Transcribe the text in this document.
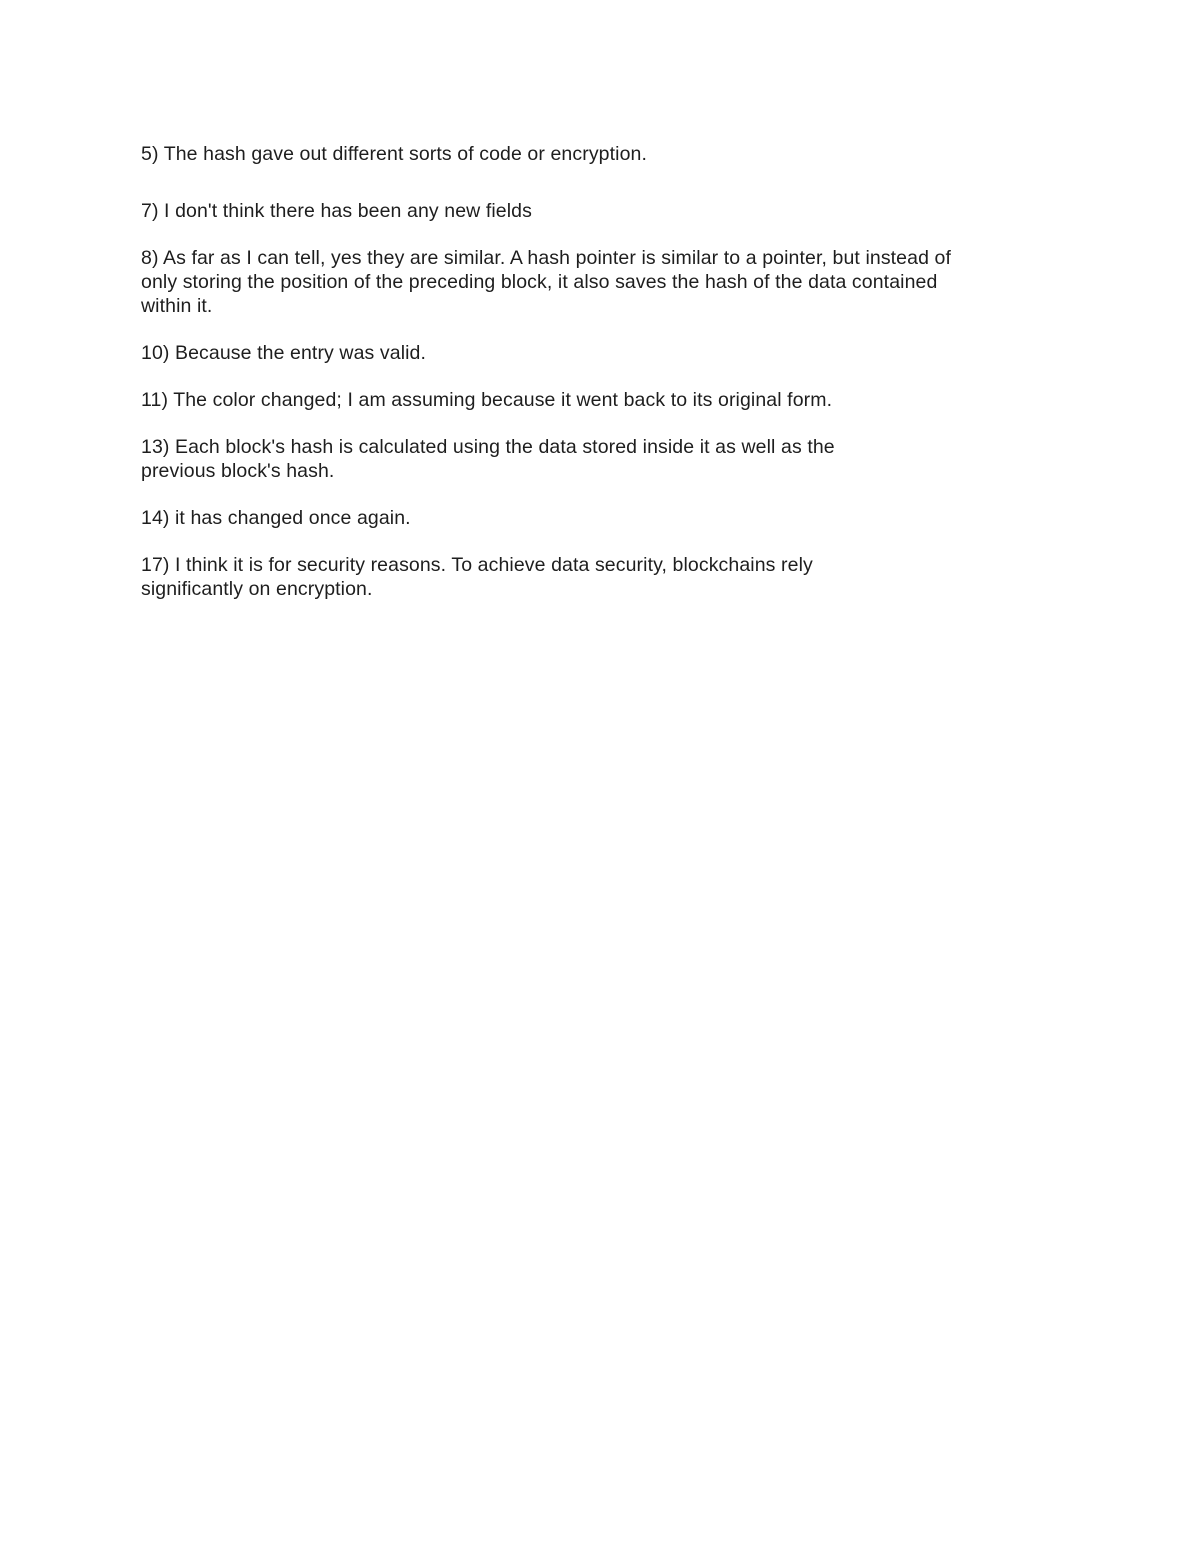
5) The hash gave out different sorts of code or encryption.

7) I don't think there has been any new fields

8) As far as I can tell, yes they are similar. A hash pointer is similar to a pointer, but instead of
only storing the position of the preceding block, it also saves the hash of the data contained
within it.

10) Because the entry was valid.

11) The color changed; I am assuming because it went back to its original form.

13) Each block's hash is calculated using the data stored inside it as well as the
previous block's hash.

14) it has changed once again.

17) I think it is for security reasons. To achieve data security, blockchains rely
significantly on encryption.
